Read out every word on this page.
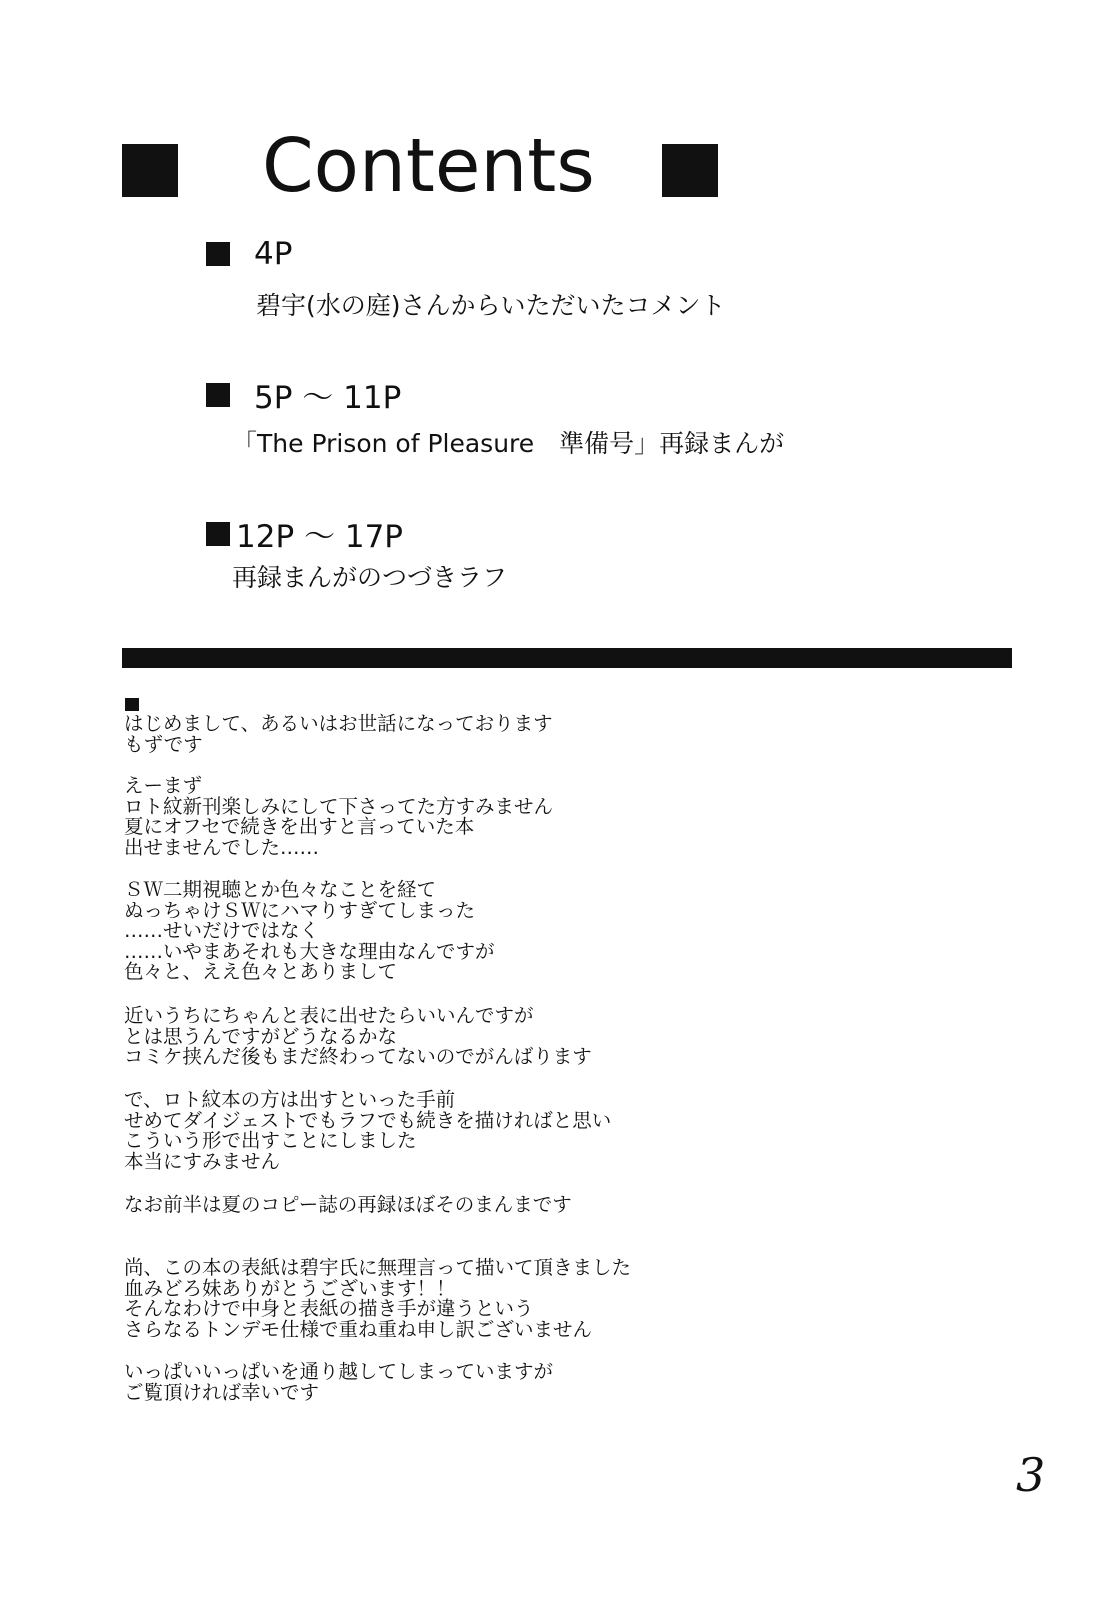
Contents
4P
碧宇(水の庭)さんからいただいたコメント
5P ～ 11P
「The Prison of Pleasure　準備号」再録まんが
12P ～ 17P
再録まんがのつづきラフ
はじめまして、あるいはお世話になっております
もずです
えーまず
ロト紋新刊楽しみにして下さってた方すみません
夏にオフセで続きを出すと言っていた本
出せませんでした……
ＳＷ二期視聴とか色々なことを経て
ぬっちゃけＳＷにハマりすぎてしまった
……せいだけではなく
……いやまあそれも大きな理由なんですが
色々と、ええ色々とありまして
近いうちにちゃんと表に出せたらいいんですが
とは思うんですがどうなるかな
コミケ挟んだ後もまだ終わってないのでがんばります
で、ロト紋本の方は出すといった手前
せめてダイジェストでもラフでも続きを描ければと思い
こういう形で出すことにしました
本当にすみません
なお前半は夏のコピー誌の再録ほぼそのまんまです
尚、この本の表紙は碧宇氏に無理言って描いて頂きました
血みどろ妹ありがとうございます！！
そんなわけで中身と表紙の描き手が違うという
さらなるトンデモ仕様で重ね重ね申し訳ございません
いっぱいいっぱいを通り越してしまっていますが
ご覧頂ければ幸いです
3
